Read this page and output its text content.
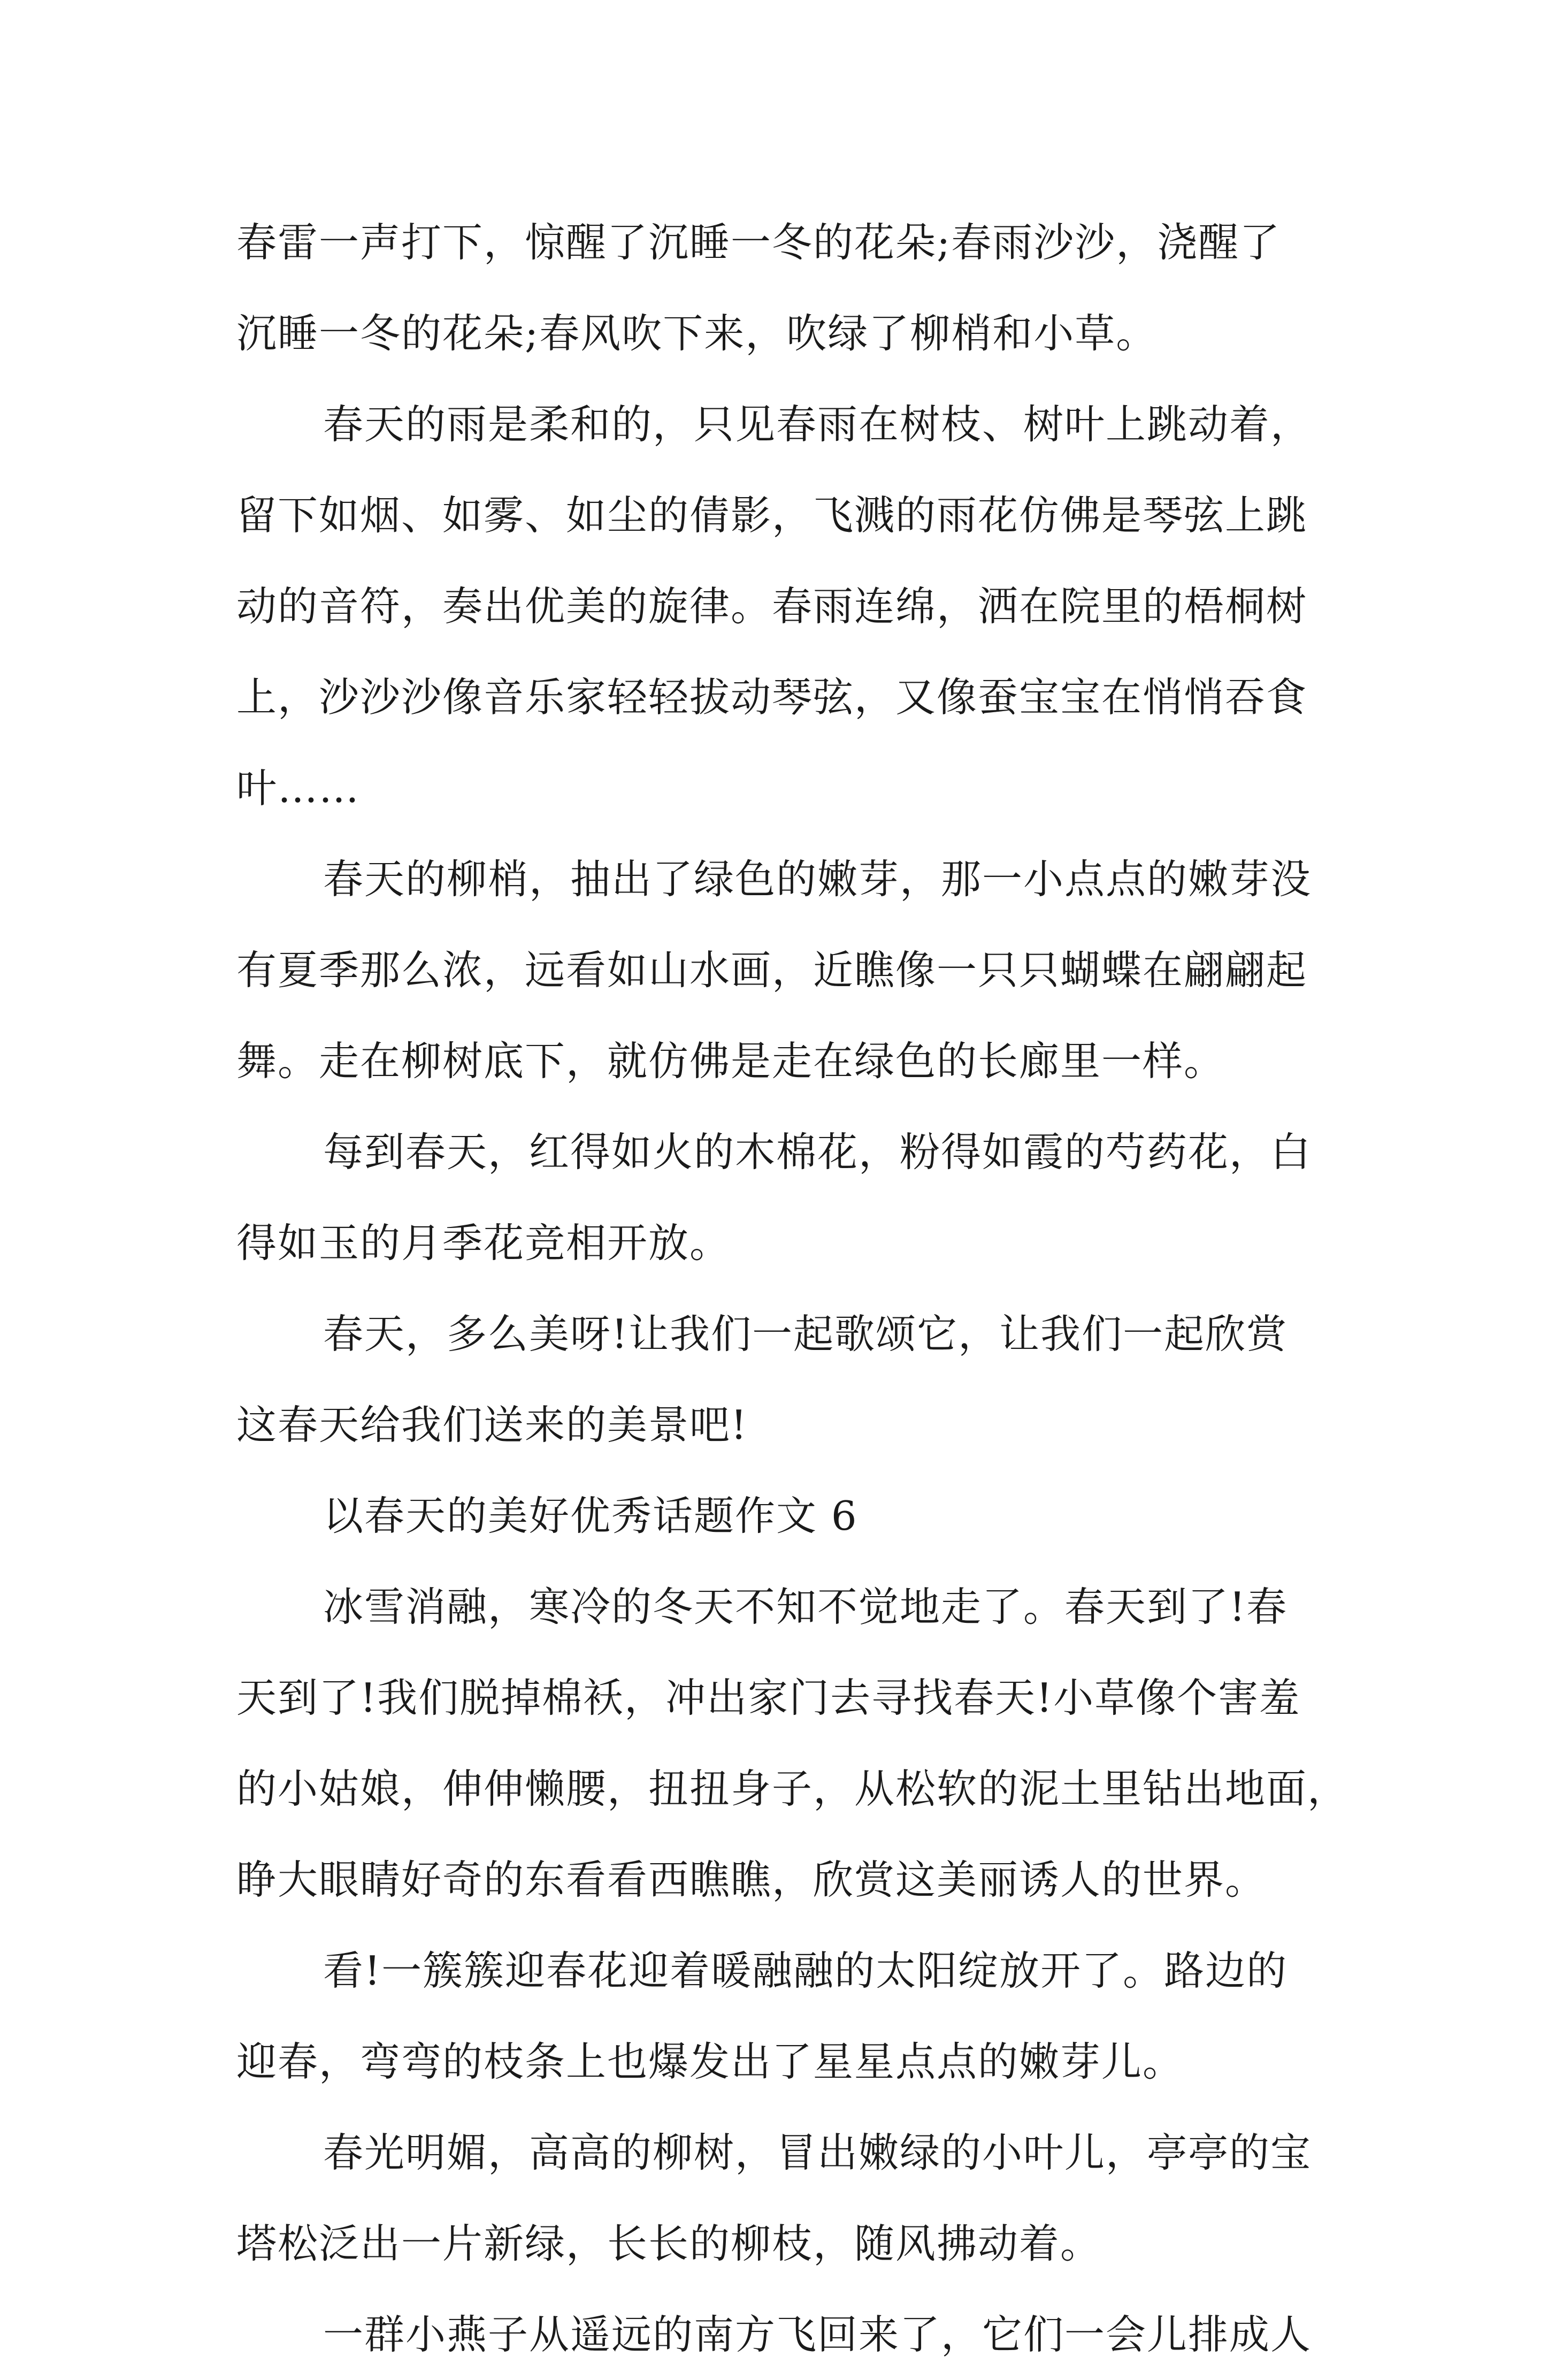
春雷一声打下，惊醒了沉睡一冬的花朵;春雨沙沙，浇醒了
沉睡一冬的花朵;春风吹下来，吹绿了柳梢和小草。
春天的雨是柔和的，只见春雨在树枝、树叶上跳动着，
留下如烟、如雾、如尘的倩影，飞溅的雨花仿佛是琴弦上跳
动的音符，奏出优美的旋律。春雨连绵，洒在院里的梧桐树
上，沙沙沙像音乐家轻轻拔动琴弦，又像蚕宝宝在悄悄吞食
叶……
春天的柳梢，抽出了绿色的嫩芽，那一小点点的嫩芽没
有夏季那么浓，远看如山水画，近瞧像一只只蝴蝶在翩翩起
舞。走在柳树底下，就仿佛是走在绿色的长廊里一样。
每到春天，红得如火的木棉花，粉得如霞的芍药花，白
得如玉的月季花竞相开放。
春天，多么美呀!让我们一起歌颂它，让我们一起欣赏
这春天给我们送来的美景吧!
以春天的美好优秀话题作文 6
冰雪消融，寒冷的冬天不知不觉地走了。春天到了!春
天到了!我们脱掉棉袄，冲出家门去寻找春天!小草像个害羞
的小姑娘，伸伸懒腰，扭扭身子，从松软的泥土里钻出地面，
睁大眼睛好奇的东看看西瞧瞧，欣赏这美丽诱人的世界。
看!一簇簇迎春花迎着暖融融的太阳绽放开了。路边的
迎春，弯弯的枝条上也爆发出了星星点点的嫩芽儿。
春光明媚，高高的柳树，冒出嫩绿的小叶儿，亭亭的宝
塔松泛出一片新绿，长长的柳枝，随风拂动着。
一群小燕子从遥远的南方飞回来了，它们一会儿排成人
